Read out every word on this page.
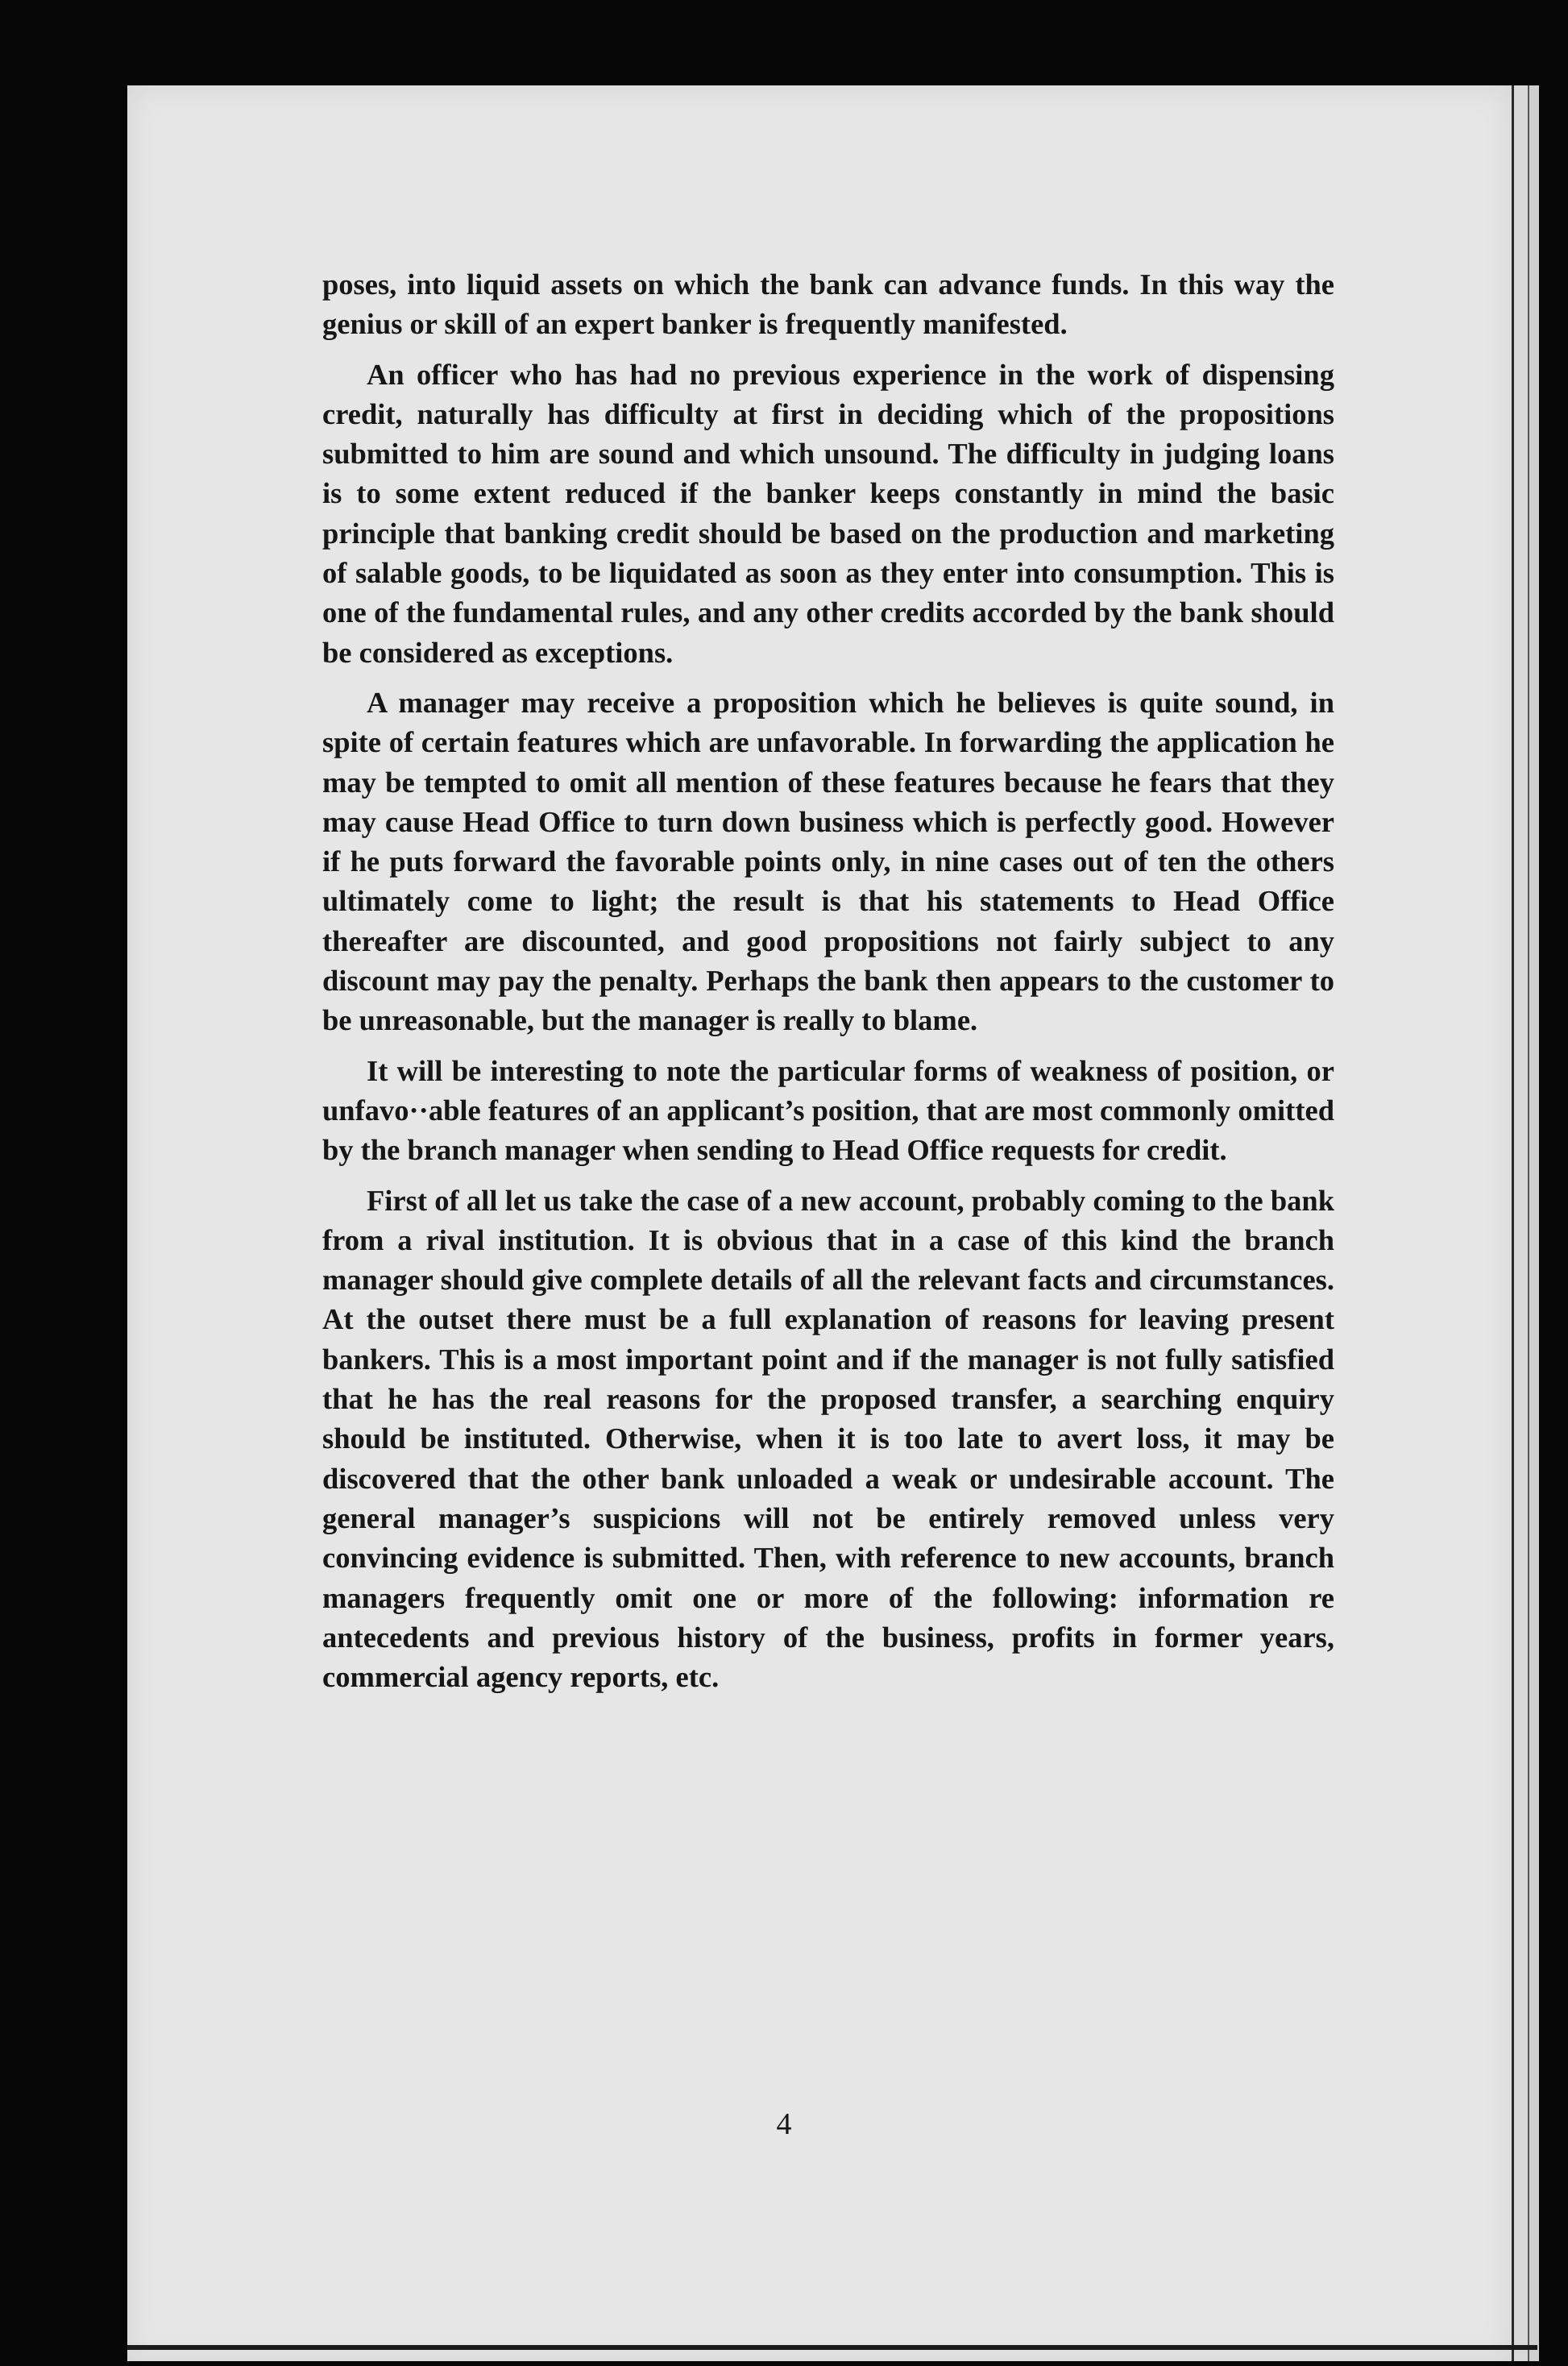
poses, into liquid assets on which the bank can advance funds. In this way the genius or skill of an expert banker is frequently manifested.

An officer who has had no previous experience in the work of dispensing credit, naturally has difficulty at first in deciding which of the propositions submitted to him are sound and which unsound. The difficulty in judging loans is to some extent reduced if the banker keeps constantly in mind the basic principle that banking credit should be based on the production and marketing of salable goods, to be liquidated as soon as they enter into consumption. This is one of the fundamental rules, and any other credits accorded by the bank should be considered as exceptions.

A manager may receive a proposition which he believes is quite sound, in spite of certain features which are unfavorable. In forwarding the application he may be tempted to omit all mention of these features because he fears that they may cause Head Office to turn down business which is perfectly good. However if he puts forward the favorable points only, in nine cases out of ten the others ultimately come to light; the result is that his statements to Head Office thereafter are discounted, and good propositions not fairly subject to any discount may pay the penalty. Perhaps the bank then appears to the customer to be unreasonable, but the manager is really to blame.

It will be interesting to note the particular forms of weakness of position, or unfavo··able features of an applicant’s position, that are most commonly omitted by the branch manager when sending to Head Office requests for credit.

First of all let us take the case of a new account, probably coming to the bank from a rival institution. It is obvious that in a case of this kind the branch manager should give complete details of all the relevant facts and circumstances. At the outset there must be a full explanation of reasons for leaving present bankers. This is a most important point and if the manager is not fully satisfied that he has the real reasons for the proposed transfer, a searching enquiry should be instituted. Otherwise, when it is too late to avert loss, it may be discovered that the other bank unloaded a weak or undesirable account. The general manager’s suspicions will not be entirely removed unless very convincing evidence is submitted. Then, with reference to new accounts, branch managers frequently omit one or more of the following: information re antecedents and previous history of the business, profits in former years, commercial agency reports, etc.

4
